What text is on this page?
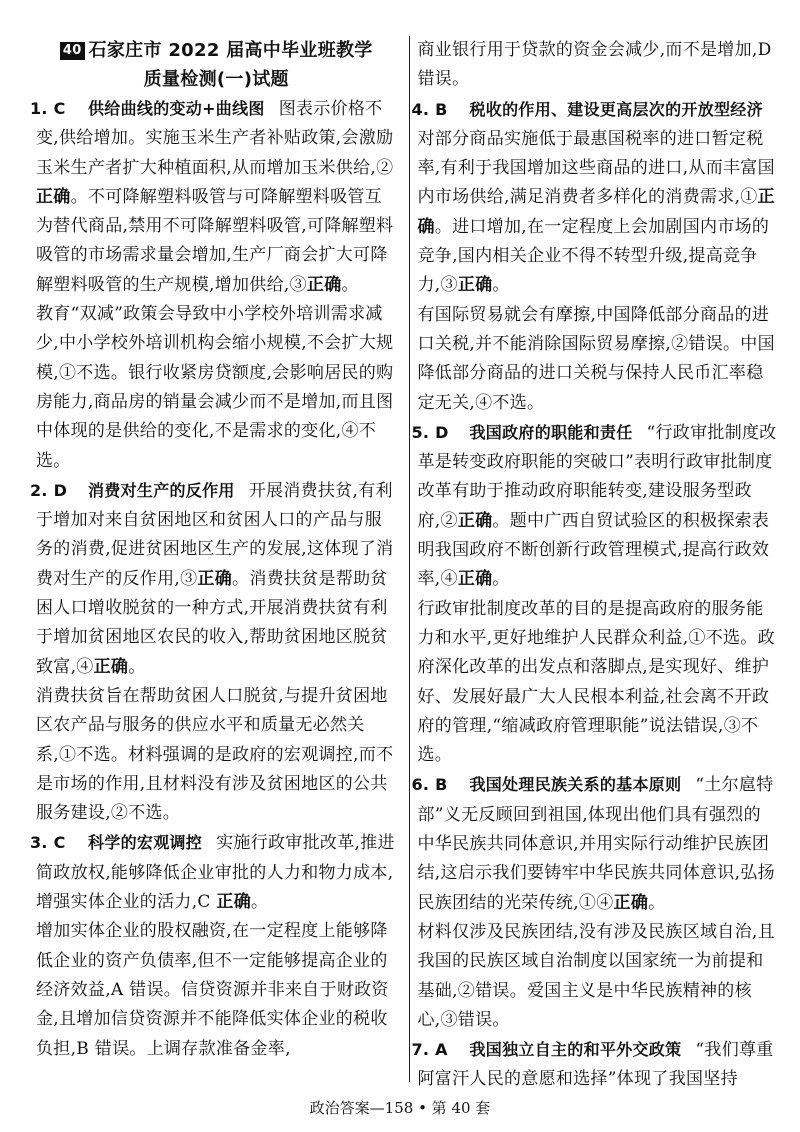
40 石家庄市 2022 届高中毕业班教学
质量检测(一)试题

1. C 供给曲线的变动+曲线图 图表示价格不变,供给增加。实施玉米生产者补贴政策,会激励玉米生产者扩大种植面积,从而增加玉米供给,②正确。不可降解塑料吸管与可降解塑料吸管互为替代商品,禁用不可降解塑料吸管,可降解塑料吸管的市场需求量会增加,生产厂商会扩大可降解塑料吸管的生产规模,增加供给,③正确。

教育“双减”政策会导致中小学校外培训需求减少,中小学校外培训机构会缩小规模,不会扩大规模,①不选。银行收紧房贷额度,会影响居民的购房能力,商品房的销量会减少而不是增加,而且图中体现的是供给的变化,不是需求的变化,④不选。

2. D 消费对生产的反作用 开展消费扶贫,有利于增加对来自贫困地区和贫困人口的产品与服务的消费,促进贫困地区生产的发展,这体现了消费对生产的反作用,③正确。消费扶贫是帮助贫困人口增收脱贫的一种方式,开展消费扶贫有利于增加贫困地区农民的收入,帮助贫困地区脱贫致富,④正确。

消费扶贫旨在帮助贫困人口脱贫,与提升贫困地区农产品与服务的供应水平和质量无必然关系,①不选。材料强调的是政府的宏观调控,而不是市场的作用,且材料没有涉及贫困地区的公共服务建设,②不选。

3. C 科学的宏观调控 实施行政审批改革,推进简政放权,能够降低企业审批的人力和物力成本,增强实体企业的活力,C 正确。

增加实体企业的股权融资,在一定程度上能够降低企业的资产负债率,但不一定能够提高企业的经济效益,A 错误。信贷资源并非来自于财政资金,且增加信贷资源并不能降低实体企业的税收负担,B 错误。上调存款准备金率,

商业银行用于贷款的资金会减少,而不是增加,D 错误。

4. B 税收的作用、建设更高层次的开放型经济
对部分商品实施低于最惠国税率的进口暂定税率,有利于我国增加这些商品的进口,从而丰富国内市场供给,满足消费者多样化的消费需求,①正确。进口增加,在一定程度上会加剧国内市场的竞争,国内相关企业不得不转型升级,提高竞争力,③正确。

有国际贸易就会有摩擦,中国降低部分商品的进口关税,并不能消除国际贸易摩擦,②错误。中国降低部分商品的进口关税与保持人民币汇率稳定无关,④不选。

5. D 我国政府的职能和责任 “行政审批制度改革是转变政府职能的突破口”表明行政审批制度改革有助于推动政府职能转变,建设服务型政府,②正确。题中广西自贸试验区的积极探索表明我国政府不断创新行政管理模式,提高行政效率,④正确。

行政审批制度改革的目的是提高政府的服务能力和水平,更好地维护人民群众利益,①不选。政府深化改革的出发点和落脚点,是实现好、维护好、发展好最广大人民根本利益,社会离不开政府的管理,“缩减政府管理职能”说法错误,③不选。

6. B 我国处理民族关系的基本原则 “土尔扈特部”义无反顾回到祖国,体现出他们具有强烈的中华民族共同体意识,并用实际行动维护民族团结,这启示我们要铸牢中华民族共同体意识,弘扬民族团结的光荣传统,①④正确。

材料仅涉及民族团结,没有涉及民族区域自治,且我国的民族区域自治制度以国家统一为前提和基础,②错误。爱国主义是中华民族精神的核心,③错误。

7. A 我国独立自主的和平外交政策 “我们尊重阿富汗人民的意愿和选择”体现了我国坚持

政治答案—158 • 第 40 套
